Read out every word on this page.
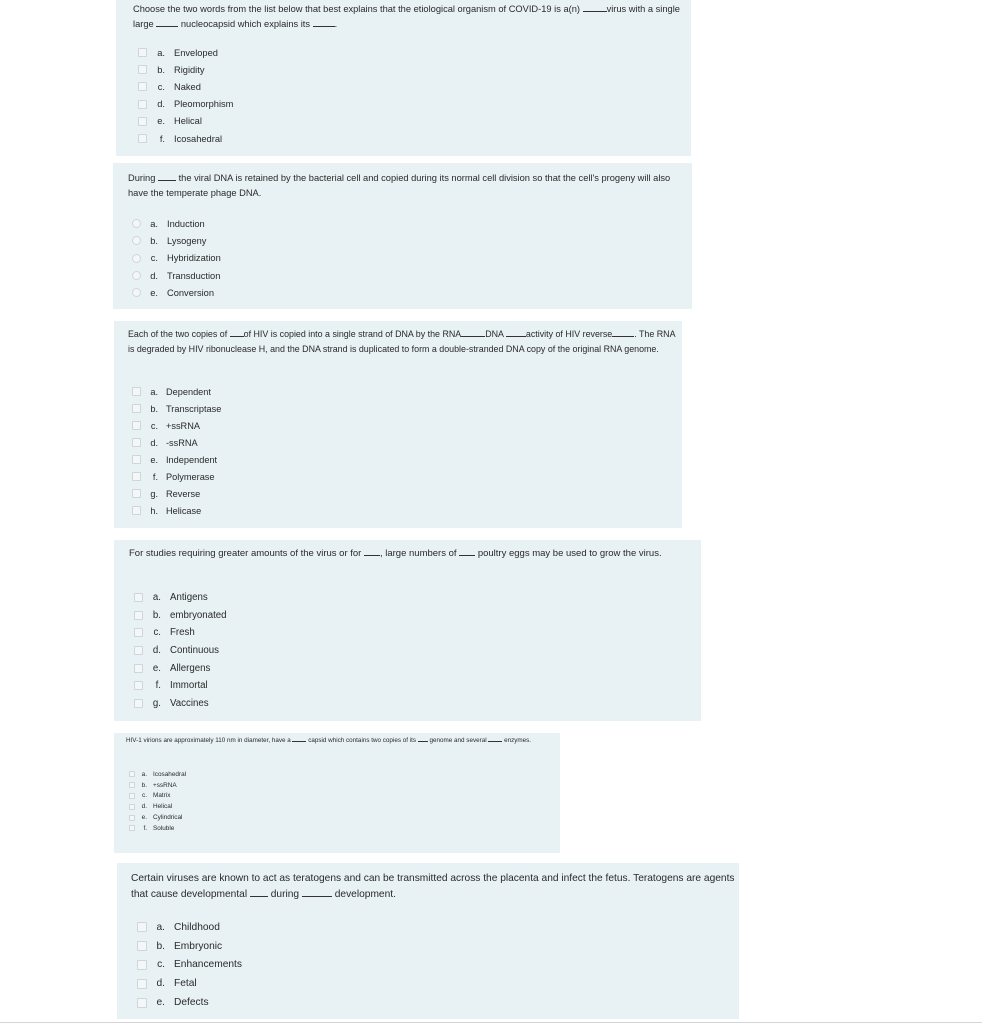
Choose the two words from the list below that best explains that the etiological organism of COVID-19 is a(n)	virus with a single large  nucleocapsid which explains its .

a. Enveloped
b. Rigidity
c. Naked
d. Pleomorphism
e. Helical
f. Icosahedral

During  the viral DNA is retained by the bacterial cell and copied during its normal cell division so that the cell's progeny will also have the temperate phage DNA.

a. Induction
b. Lysogeny
c. Hybridization
d. Transduction
e. Conversion

Each of the two copies of of HIV is copied into a single strand of DNA by the RNA	DNA activity of HIV reverse . The RNA is degraded by HIV ribonuclease H, and the DNA strand is duplicated to form a double-stranded DNA copy of the original RNA genome.

a. Dependent
b. Transcriptase
c. +ssRNA
d. -ssRNA
e. Independent
f. Polymerase
g. Reverse
h. Helicase

For studies requiring greater amounts of the virus or for , large numbers of  poultry eggs may be used to grow the virus.

a. Antigens
b. embryonated
c. Fresh
d. Continuous
e. Allergens
f. Immortal
g. Vaccines

HIV-1 virions are approximately 110 nm in diameter, have a  capsid which contains two copies of its  genome and several  enzymes.

a. Icosahedral
b. +ssRNA
c. Matrix
d. Helical
e. Cylindrical
f. Soluble

Certain viruses are known to act as teratogens and can be transmitted across the placenta and infect the fetus. Teratogens are agents that cause developmental  during	development.

a. Childhood
b. Embryonic
c. Enhancements
d. Fetal
e. Defects
